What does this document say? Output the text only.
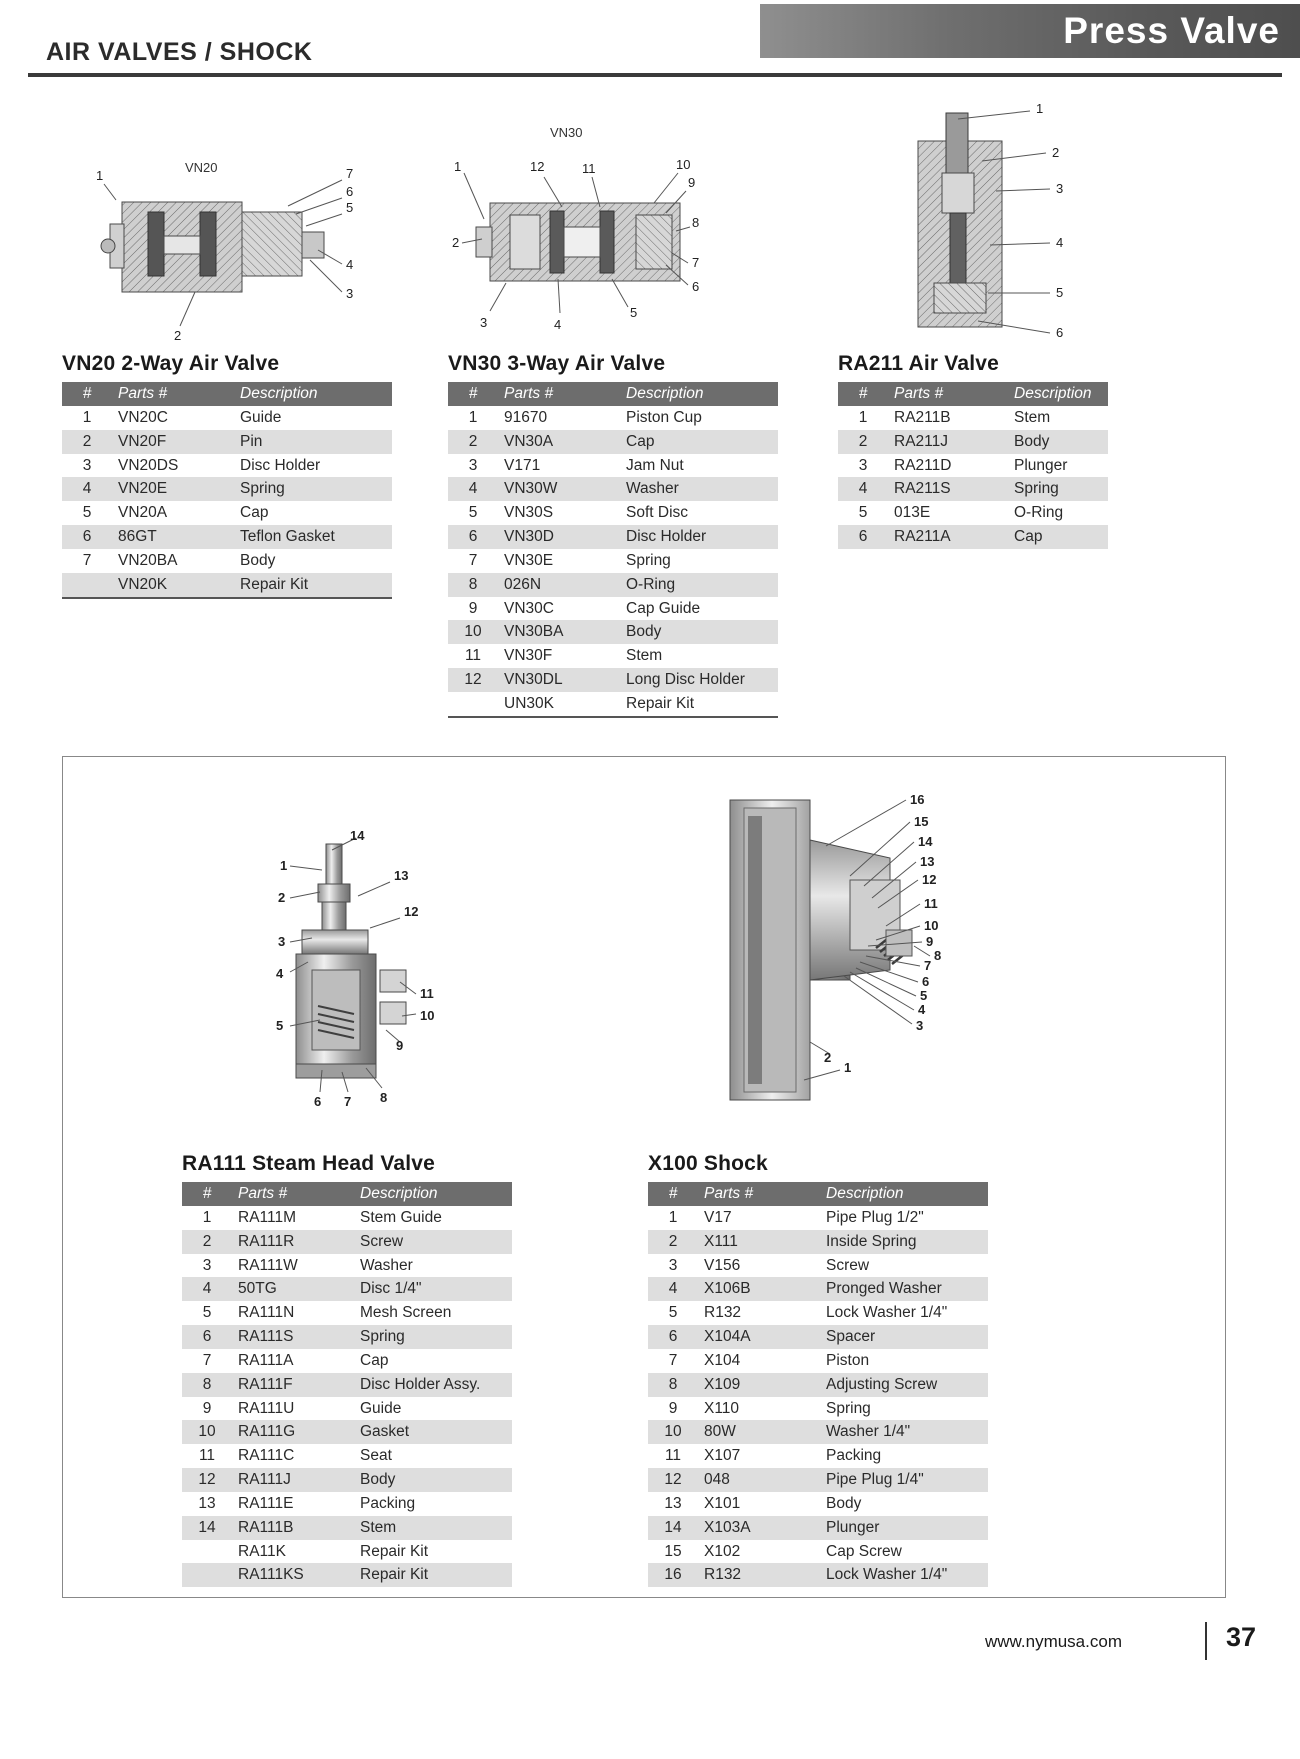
Press Valve
AIR VALVES / SHOCK
VN20
1
2
3
4
5
6
7
VN30
1
2
3	4
5
6
7
8
9
10
11
12
1
2
3
4
5
6
VN20 2-Way Air Valve
#	Parts #	Description
1	VN20C	Guide
2	VN20F	Pin
3	VN20DS	Disc Holder
4	VN20E	Spring
5	VN20A	Cap
6	86GT	Teflon Gasket
7	VN20BA	Body
	VN20K	Repair Kit
VN30 3-Way Air Valve
#	Parts #	Description
1	91670	Piston Cup
2	VN30A	Cap
3	V171	Jam Nut
4	VN30W	Washer
5	VN30S	Soft Disc
6	VN30D	Disc Holder
7	VN30E	Spring
8	026N	O-Ring
9	VN30C	Cap Guide
10	VN30BA	Body
11	VN30F	Stem
12	VN30DL	Long Disc Holder
	UN30K	Repair Kit
RA211 Air Valve
#	Parts #	Description
1	RA211B	Stem
2	RA211J	Body
3	RA211D	Plunger
4	RA211S	Spring
5	013E	O-Ring
6	RA211A	Cap
1
2
3
4
5
6 7 8
9
10
11
12
13
14
16
15
14
13
12
11
10
9
8
7
6
5
4
3
2
1
RA111 Steam Head Valve
#	Parts #	Description
1	RA111M	Stem Guide
2	RA111R	Screw
3	RA111W	Washer
4	50TG	Disc 1/4"
5	RA111N	Mesh Screen
6	RA111S	Spring
7	RA111A	Cap
8	RA111F	Disc Holder Assy.
9	RA111U	Guide
10	RA111G	Gasket
11	RA111C	Seat
12	RA111J	Body
13	RA111E	Packing
14	RA111B	Stem
	RA11K	Repair Kit
	RA111KS	Repair Kit
X100 Shock
#	Parts #	Description
1	V17	Pipe Plug 1/2"
2	X111	Inside Spring
3	V156	Screw
4	X106B	Pronged Washer
5	R132	Lock Washer 1/4"
6	X104A	Spacer
7	X104	Piston
8	X109	Adjusting Screw
9	X110	Spring
10	80W	Washer 1/4"
11	X107	Packing
12	048	Pipe Plug 1/4"
13	X101	Body
14	X103A	Plunger
15	X102	Cap Screw
16	R132	Lock Washer 1/4"
www.nymusa.com	37
